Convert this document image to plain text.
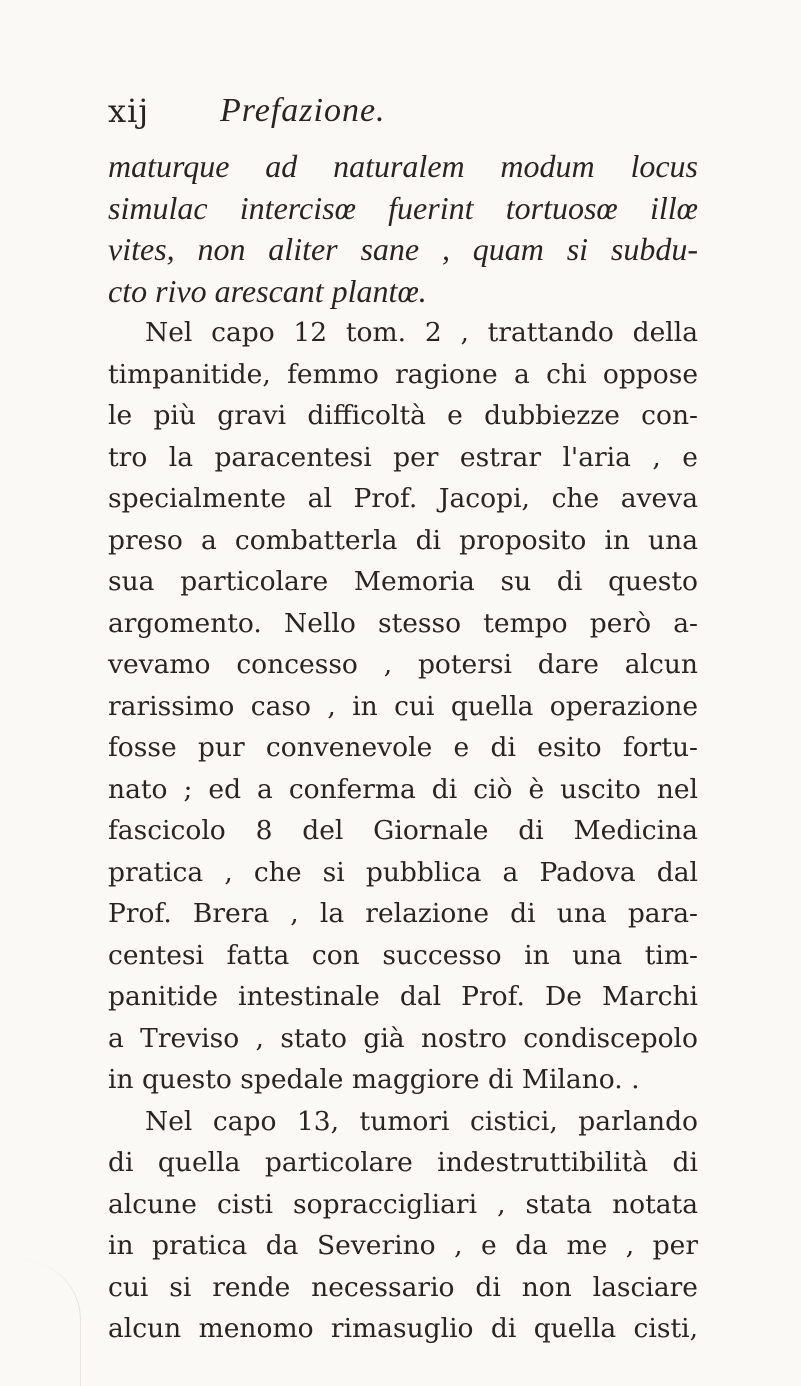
xij Prefazione.
maturque ad naturalem modum locus
simulac intercisœ fuerint tortuosœ illœ
vites, non aliter sane , quam si subdu-
cto rivo arescant plantœ.
Nel capo 12 tom. 2 , trattando della
timpanitide, femmo ragione a chi oppose
le più gravi difficoltà e dubbiezze con-
tro la paracentesi per estrar l'aria , e
specialmente al Prof. Jacopi, che aveva
preso a combatterla di proposito in una
sua particolare Memoria su di questo
argomento. Nello stesso tempo però a-
vevamo concesso , potersi dare alcun
rarissimo caso , in cui quella operazione
fosse pur convenevole e di esito fortu-
nato ; ed a conferma di ciò è uscito nel
fascicolo 8 del Giornale di Medicina
pratica , che si pubblica a Padova dal
Prof. Brera , la relazione di una para-
centesi fatta con successo in una tim-
panitide intestinale dal Prof. De Marchi
a Treviso , stato già nostro condiscepolo
in questo spedale maggiore di Milano. .
Nel capo 13, tumori cistici, parlando
di quella particolare indestruttibilità di
alcune cisti sopraccigliari , stata notata
in pratica da Severino , e da me , per
cui si rende necessario di non lasciare
alcun menomo rimasuglio di quella cisti,
